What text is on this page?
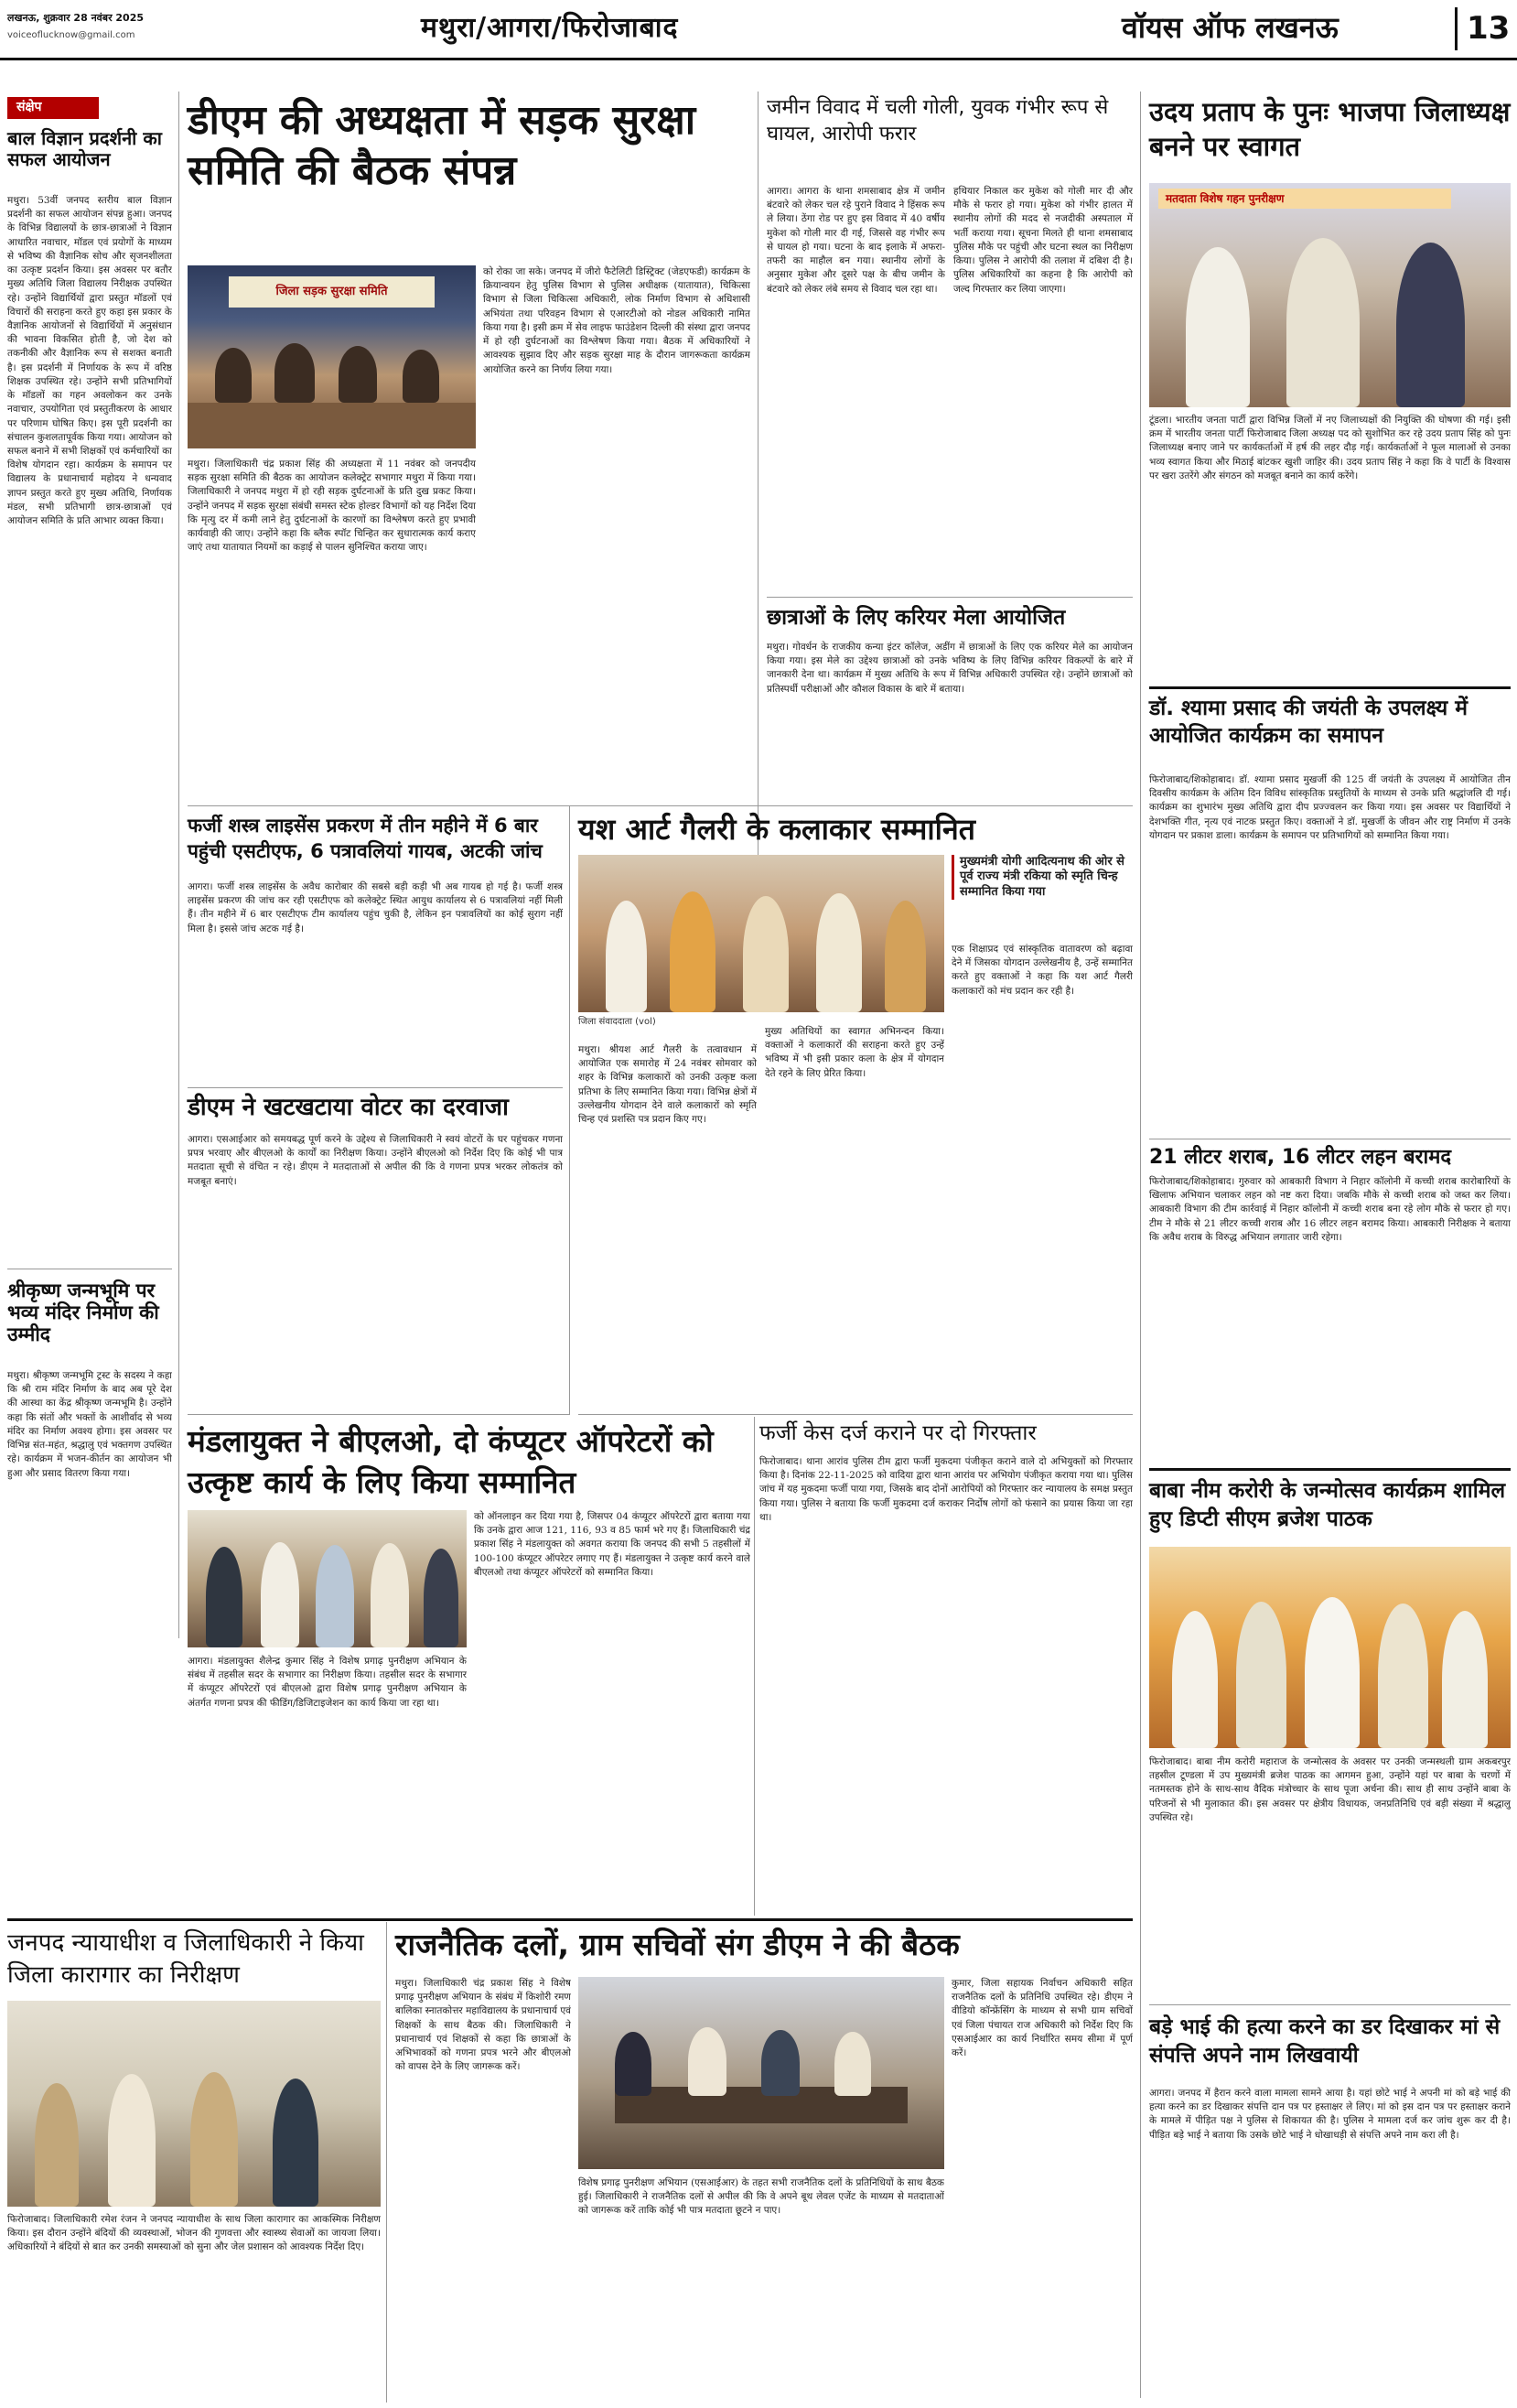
लखनऊ, शुक्रवार 28 नवंबर 2025
voiceoflucknow@gmail.com	मथुरा/आगरा/फिरोजाबाद	वॉयस ऑफ लखनऊ	13
संक्षेप
बाल विज्ञान प्रदर्शनी का सफल आयोजन
मथुरा। 53वीं जनपद स्तरीय बाल विज्ञान प्रदर्शनी का सफल आयोजन संपन्न हुआ। जनपद के विभिन्न विद्यालयों के छात्र-छात्राओं ने विज्ञान आधारित नवाचार, मॉडल एवं प्रयोगों के माध्यम से भविष्य की वैज्ञानिक सोच और सृजनशीलता का उत्कृष्ट प्रदर्शन किया। इस अवसर पर बतौर मुख्य अतिथि जिला विद्यालय निरीक्षक उपस्थित रहे। उन्होंने विद्यार्थियों द्वारा प्रस्तुत मॉडलों एवं विचारों की सराहना करते हुए कहा इस प्रकार के वैज्ञानिक आयोजनों से विद्यार्थियों में अनुसंधान की भावना विकसित होती है, जो देश को तकनीकी और वैज्ञानिक रूप से सशक्त बनाती है। इस प्रदर्शनी में निर्णायक के रूप में वरिष्ठ शिक्षक उपस्थित रहे। उन्होंने सभी प्रतिभागियों के मॉडलों का गहन अवलोकन कर उनके नवाचार, उपयोगिता एवं प्रस्तुतीकरण के आधार पर परिणाम घोषित किए। इस पूरी प्रदर्शनी का संचालन कुशलतापूर्वक किया गया। आयोजन को सफल बनाने में सभी शिक्षकों एवं कर्मचारियों का विशेष योगदान रहा। कार्यक्रम के समापन पर विद्यालय के प्रधानाचार्य महोदय ने धन्यवाद ज्ञापन प्रस्तुत करते हुए मुख्य अतिथि, निर्णायक मंडल, सभी प्रतिभागी छात्र-छात्राओं एवं आयोजन समिति के प्रति आभार व्यक्त किया।
श्रीकृष्ण जन्मभूमि पर भव्य मंदिर निर्माण की उम्मीद
मथुरा। श्रीकृष्ण जन्मभूमि ट्रस्ट के सदस्य ने कहा कि श्री राम मंदिर निर्माण के बाद अब पूरे देश की आस्था का केंद्र श्रीकृष्ण जन्मभूमि है। उन्होंने कहा कि संतों और भक्तों के आशीर्वाद से भव्य मंदिर का निर्माण अवश्य होगा। इस अवसर पर विभिन्न संत-महंत, श्रद्धालु एवं भक्तगण उपस्थित रहे। कार्यक्रम में भजन-कीर्तन का आयोजन भी हुआ और प्रसाद वितरण किया गया।
डीएम की अध्यक्षता में सड़क सुरक्षा समिति की बैठक संपन्न
जिला सड़क सुरक्षा समिति
मथुरा। जिलाधिकारी चंद्र प्रकाश सिंह की अध्यक्षता में 11 नवंबर को जनपदीय सड़क सुरक्षा समिति की बैठक का आयोजन कलेक्ट्रेट सभागार मथुरा में किया गया। जिलाधिकारी ने जनपद मथुरा में हो रही सड़क दुर्घटनाओं के प्रति दुख प्रकट किया। उन्होंने जनपद में सड़क सुरक्षा संबंधी समस्त स्टेक होल्डर विभागों को यह निर्देश दिया कि मृत्यु दर में कमी लाने हेतु दुर्घटनाओं के कारणों का विश्लेषण करते हुए प्रभावी कार्यवाही की जाए। उन्होंने कहा कि ब्लैक स्पॉट चिन्हित कर सुधारात्मक कार्य कराए जाएं तथा यातायात नियमों का कड़ाई से पालन सुनिश्चित कराया जाए।
को रोका जा सके। जनपद में जीरो फैटेलिटी डिस्ट्रिक्ट (जेडएफडी) कार्यक्रम के क्रियान्वयन हेतु पुलिस विभाग से पुलिस अधीक्षक (यातायात), चिकित्सा विभाग से जिला चिकित्सा अधिकारी, लोक निर्माण विभाग से अधिशासी अभियंता तथा परिवहन विभाग से एआरटीओ को नोडल अधिकारी नामित किया गया है। इसी क्रम में सेव लाइफ फाउंडेशन दिल्ली की संस्था द्वारा जनपद में हो रही दुर्घटनाओं का विश्लेषण किया गया। बैठक में अधिकारियों ने आवश्यक सुझाव दिए और सड़क सुरक्षा माह के दौरान जागरूकता कार्यक्रम आयोजित करने का निर्णय लिया गया।
जमीन विवाद में चली गोली, युवक गंभीर रूप से घायल, आरोपी फरार
आगरा। आगरा के थाना शमसाबाद क्षेत्र में जमीन बंटवारे को लेकर चल रहे पुराने विवाद ने हिंसक रूप ले लिया। ठेंगा रोड पर हुए इस विवाद में 40 वर्षीय मुकेश को गोली मार दी गई, जिससे वह गंभीर रूप से घायल हो गया। घटना के बाद इलाके में अफरा-तफरी का माहौल बन गया। स्थानीय लोगों के अनुसार मुकेश और दूसरे पक्ष के बीच जमीन के बंटवारे को लेकर लंबे समय से विवाद चल रहा था।
हथियार निकाल कर मुकेश को गोली मार दी और मौके से फरार हो गया। मुकेश को गंभीर हालत में स्थानीय लोगों की मदद से नजदीकी अस्पताल में भर्ती कराया गया। सूचना मिलते ही थाना शमसाबाद पुलिस मौके पर पहुंची और घटना स्थल का निरीक्षण किया। पुलिस ने आरोपी की तलाश में दबिश दी है। पुलिस अधिकारियों का कहना है कि आरोपी को जल्द गिरफ्तार कर लिया जाएगा।
छात्राओं के लिए करियर मेला आयोजित
मथुरा। गोवर्धन के राजकीय कन्या इंटर कॉलेज, अडींग में छात्राओं के लिए एक करियर मेले का आयोजन किया गया। इस मेले का उद्देश्य छात्राओं को उनके भविष्य के लिए विभिन्न करियर विकल्पों के बारे में जानकारी देना था। कार्यक्रम में मुख्य अतिथि के रूप में विभिन्न अधिकारी उपस्थित रहे। उन्होंने छात्राओं को प्रतिस्पर्धी परीक्षाओं और कौशल विकास के बारे में बताया।
उदय प्रताप के पुनः भाजपा जिलाध्यक्ष बनने पर स्वागत
मतदाता विशेष गहन पुनरीक्षण
टूंडला। भारतीय जनता पार्टी द्वारा विभिन्न जिलों में नए जिलाध्यक्षों की नियुक्ति की घोषणा की गई। इसी क्रम में भारतीय जनता पार्टी फिरोजाबाद जिला अध्यक्ष पद को सुशोभित कर रहे उदय प्रताप सिंह को पुनः जिलाध्यक्ष बनाए जाने पर कार्यकर्ताओं में हर्ष की लहर दौड़ गई। कार्यकर्ताओं ने फूल मालाओं से उनका भव्य स्वागत किया और मिठाई बांटकर खुशी जाहिर की। उदय प्रताप सिंह ने कहा कि वे पार्टी के विश्वास पर खरा उतरेंगे और संगठन को मजबूत बनाने का कार्य करेंगे।
डॉ. श्यामा प्रसाद की जयंती के उपलक्ष्य में आयोजित कार्यक्रम का समापन
फिरोजाबाद/शिकोहाबाद। डॉ. श्यामा प्रसाद मुखर्जी की 125 वीं जयंती के उपलक्ष्य में आयोजित तीन दिवसीय कार्यक्रम के अंतिम दिन विविध सांस्कृतिक प्रस्तुतियों के माध्यम से उनके प्रति श्रद्धांजलि दी गई। कार्यक्रम का शुभारंभ मुख्य अतिथि द्वारा दीप प्रज्ज्वलन कर किया गया। इस अवसर पर विद्यार्थियों ने देशभक्ति गीत, नृत्य एवं नाटक प्रस्तुत किए। वक्ताओं ने डॉ. मुखर्जी के जीवन और राष्ट्र निर्माण में उनके योगदान पर प्रकाश डाला। कार्यक्रम के समापन पर प्रतिभागियों को सम्मानित किया गया।
21 लीटर शराब, 16 लीटर लहन बरामद
फिरोजाबाद/शिकोहाबाद। गुरुवार को आबकारी विभाग ने निहार कॉलोनी में कच्ची शराब कारोबारियों के खिलाफ अभियान चलाकर लहन को नष्ट करा दिया। जबकि मौके से कच्ची शराब को जब्त कर लिया। आबकारी विभाग की टीम कार्रवाई में निहार कॉलोनी में कच्ची शराब बना रहे लोग मौके से फरार हो गए। टीम ने मौके से 21 लीटर कच्ची शराब और 16 लीटर लहन बरामद किया। आबकारी निरीक्षक ने बताया कि अवैध शराब के विरुद्ध अभियान लगातार जारी रहेगा।
बाबा नीम करोरी के जन्मोत्सव कार्यक्रम शामिल हुए डिप्टी सीएम ब्रजेश पाठक
फिरोजाबाद। बाबा नीम करोरी महाराज के जन्मोत्सव के अवसर पर उनकी जन्मस्थली ग्राम अकबरपुर तहसील टूण्डला में उप मुख्यमंत्री ब्रजेश पाठक का आगमन हुआ, उन्होंने यहां पर बाबा के चरणों में नतमस्तक होने के साथ-साथ वैदिक मंत्रोच्चार के साथ पूजा अर्चना की। साथ ही साथ उन्होंने बाबा के परिजनों से भी मुलाकात की। इस अवसर पर क्षेत्रीय विधायक, जनप्रतिनिधि एवं बड़ी संख्या में श्रद्धालु उपस्थित रहे।
बड़े भाई की हत्या करने का डर दिखाकर मां से संपत्ति अपने नाम लिखवायी
आगरा। जनपद में हैरान करने वाला मामला सामने आया है। यहां छोटे भाई ने अपनी मां को बड़े भाई की हत्या करने का डर दिखाकर संपत्ति दान पत्र पर हस्ताक्षर ले लिए। मां को इस दान पत्र पर हस्ताक्षर कराने के मामले में पीड़ित पक्ष ने पुलिस से शिकायत की है। पुलिस ने मामला दर्ज कर जांच शुरू कर दी है। पीड़ित बड़े भाई ने बताया कि उसके छोटे भाई ने धोखाधड़ी से संपत्ति अपने नाम करा ली है।
फर्जी शस्त्र लाइसेंस प्रकरण में तीन महीने में 6 बार पहुंची एसटीएफ, 6 पत्रावलियां गायब, अटकी जांच
आगरा। फर्जी शस्त्र लाइसेंस के अवैध कारोबार की सबसे बड़ी कड़ी भी अब गायब हो गई है। फर्जी शस्त्र लाइसेंस प्रकरण की जांच कर रही एसटीएफ को कलेक्ट्रेट स्थित आयुध कार्यालय से 6 पत्रावलियां नहीं मिली हैं। तीन महीने में 6 बार एसटीएफ टीम कार्यालय पहुंच चुकी है, लेकिन इन पत्रावलियों का कोई सुराग नहीं मिला है। इससे जांच अटक गई है।
डीएम ने खटखटाया वोटर का दरवाजा
आगरा। एसआईआर को समयबद्ध पूर्ण करने के उद्देश्य से जिलाधिकारी ने स्वयं वोटरों के घर पहुंचकर गणना प्रपत्र भरवाए और बीएलओ के कार्यों का निरीक्षण किया। उन्होंने बीएलओ को निर्देश दिए कि कोई भी पात्र मतदाता सूची से वंचित न रहे। डीएम ने मतदाताओं से अपील की कि वे गणना प्रपत्र भरकर लोकतंत्र को मजबूत बनाएं।
यश आर्ट गैलरी के कलाकार सम्मानित
जिला संवाददाता (vol)
मुख्यमंत्री योगी आदित्यनाथ की ओर से पूर्व राज्य मंत्री रकिया को स्मृति चिन्ह सम्मानित किया गया
एक शिक्षाप्रद एवं सांस्कृतिक वातावरण को बढ़ावा देने में जिसका योगदान उल्लेखनीय है, उन्हें सम्मानित करते हुए वक्ताओं ने कहा कि यश आर्ट गैलरी कलाकारों को मंच प्रदान कर रही है।
मथुरा। श्रीयश आर्ट गैलरी के तत्वावधान में आयोजित एक समारोह में 24 नवंबर सोमवार को शहर के विभिन्न कलाकारों को उनकी उत्कृष्ट कला प्रतिभा के लिए सम्मानित किया गया। विभिन्न क्षेत्रों में उल्लेखनीय योगदान देने वाले कलाकारों को स्मृति चिन्ह एवं प्रशस्ति पत्र प्रदान किए गए।
मुख्य अतिथियों का स्वागत अभिनन्दन किया। वक्ताओं ने कलाकारों की सराहना करते हुए उन्हें भविष्य में भी इसी प्रकार कला के क्षेत्र में योगदान देते रहने के लिए प्रेरित किया।
फर्जी केस दर्ज कराने पर दो गिरफ्तार
फिरोजाबाद। थाना आरांव पुलिस टीम द्वारा फर्जी मुकदमा पंजीकृत कराने वाले दो अभियुक्तों को गिरफ्तार किया है। दिनांक 22-11-2025 को वादिया द्वारा थाना आरांव पर अभियोग पंजीकृत कराया गया था। पुलिस जांच में यह मुकदमा फर्जी पाया गया, जिसके बाद दोनों आरोपियों को गिरफ्तार कर न्यायालय के समक्ष प्रस्तुत किया गया। पुलिस ने बताया कि फर्जी मुकदमा दर्ज कराकर निर्दोष लोगों को फंसाने का प्रयास किया जा रहा था।
मंडलायुक्त ने बीएलओ, दो कंप्यूटर ऑपरेटरों को उत्कृष्ट कार्य के लिए किया सम्मानित
आगरा। मंडलायुक्त शैलेन्द्र कुमार सिंह ने विशेष प्रगाढ़ पुनरीक्षण अभियान के संबंध में तहसील सदर के सभागार का निरीक्षण किया। तहसील सदर के सभागार में कंप्यूटर ऑपरेटरों एवं बीएलओ द्वारा विशेष प्रगाढ़ पुनरीक्षण अभियान के अंतर्गत गणना प्रपत्र की फीडिंग/डिजिटाइजेशन का कार्य किया जा रहा था।
को ऑनलाइन कर दिया गया है, जिसपर 04 कंप्यूटर ऑपरेटरों द्वारा बताया गया कि उनके द्वारा आज 121, 116, 93 व 85 फार्म भरे गए हैं। जिलाधिकारी चंद्र प्रकाश सिंह ने मंडलायुक्त को अवगत कराया कि जनपद की सभी 5 तहसीलों में 100-100 कंप्यूटर ऑपरेटर लगाए गए हैं। मंडलायुक्त ने उत्कृष्ट कार्य करने वाले बीएलओ तथा कंप्यूटर ऑपरेटरों को सम्मानित किया।
जनपद न्यायाधीश व जिलाधिकारी ने किया जिला कारागार का निरीक्षण
फिरोजाबाद। जिलाधिकारी रमेश रंजन ने जनपद न्यायाधीश के साथ जिला कारागार का आकस्मिक निरीक्षण किया। इस दौरान उन्होंने बंदियों की व्यवस्थाओं, भोजन की गुणवत्ता और स्वास्थ्य सेवाओं का जायजा लिया। अधिकारियों ने बंदियों से बात कर उनकी समस्याओं को सुना और जेल प्रशासन को आवश्यक निर्देश दिए।
राजनैतिक दलों, ग्राम सचिवों संग डीएम ने की बैठक
मथुरा। जिलाधिकारी चंद्र प्रकाश सिंह ने विशेष प्रगाढ़ पुनरीक्षण अभियान के संबंध में किशोरी रमण बालिका स्नातकोत्तर महाविद्यालय के प्रधानाचार्य एवं शिक्षकों के साथ बैठक की। जिलाधिकारी ने प्रधानाचार्य एवं शिक्षकों से कहा कि छात्राओं के अभिभावकों को गणना प्रपत्र भरने और बीएलओ को वापस देने के लिए जागरूक करें।
विशेष प्रगाढ़ पुनरीक्षण अभियान (एसआईआर) के तहत सभी राजनैतिक दलों के प्रतिनिधियों के साथ बैठक हुई। जिलाधिकारी ने राजनैतिक दलों से अपील की कि वे अपने बूथ लेवल एजेंट के माध्यम से मतदाताओं को जागरूक करें ताकि कोई भी पात्र मतदाता छूटने न पाए।
कुमार, जिला सहायक निर्वाचन अधिकारी सहित राजनैतिक दलों के प्रतिनिधि उपस्थित रहे। डीएम ने वीडियो कॉन्फ्रेंसिंग के माध्यम से सभी ग्राम सचिवों एवं जिला पंचायत राज अधिकारी को निर्देश दिए कि एसआईआर का कार्य निर्धारित समय सीमा में पूर्ण करें।
